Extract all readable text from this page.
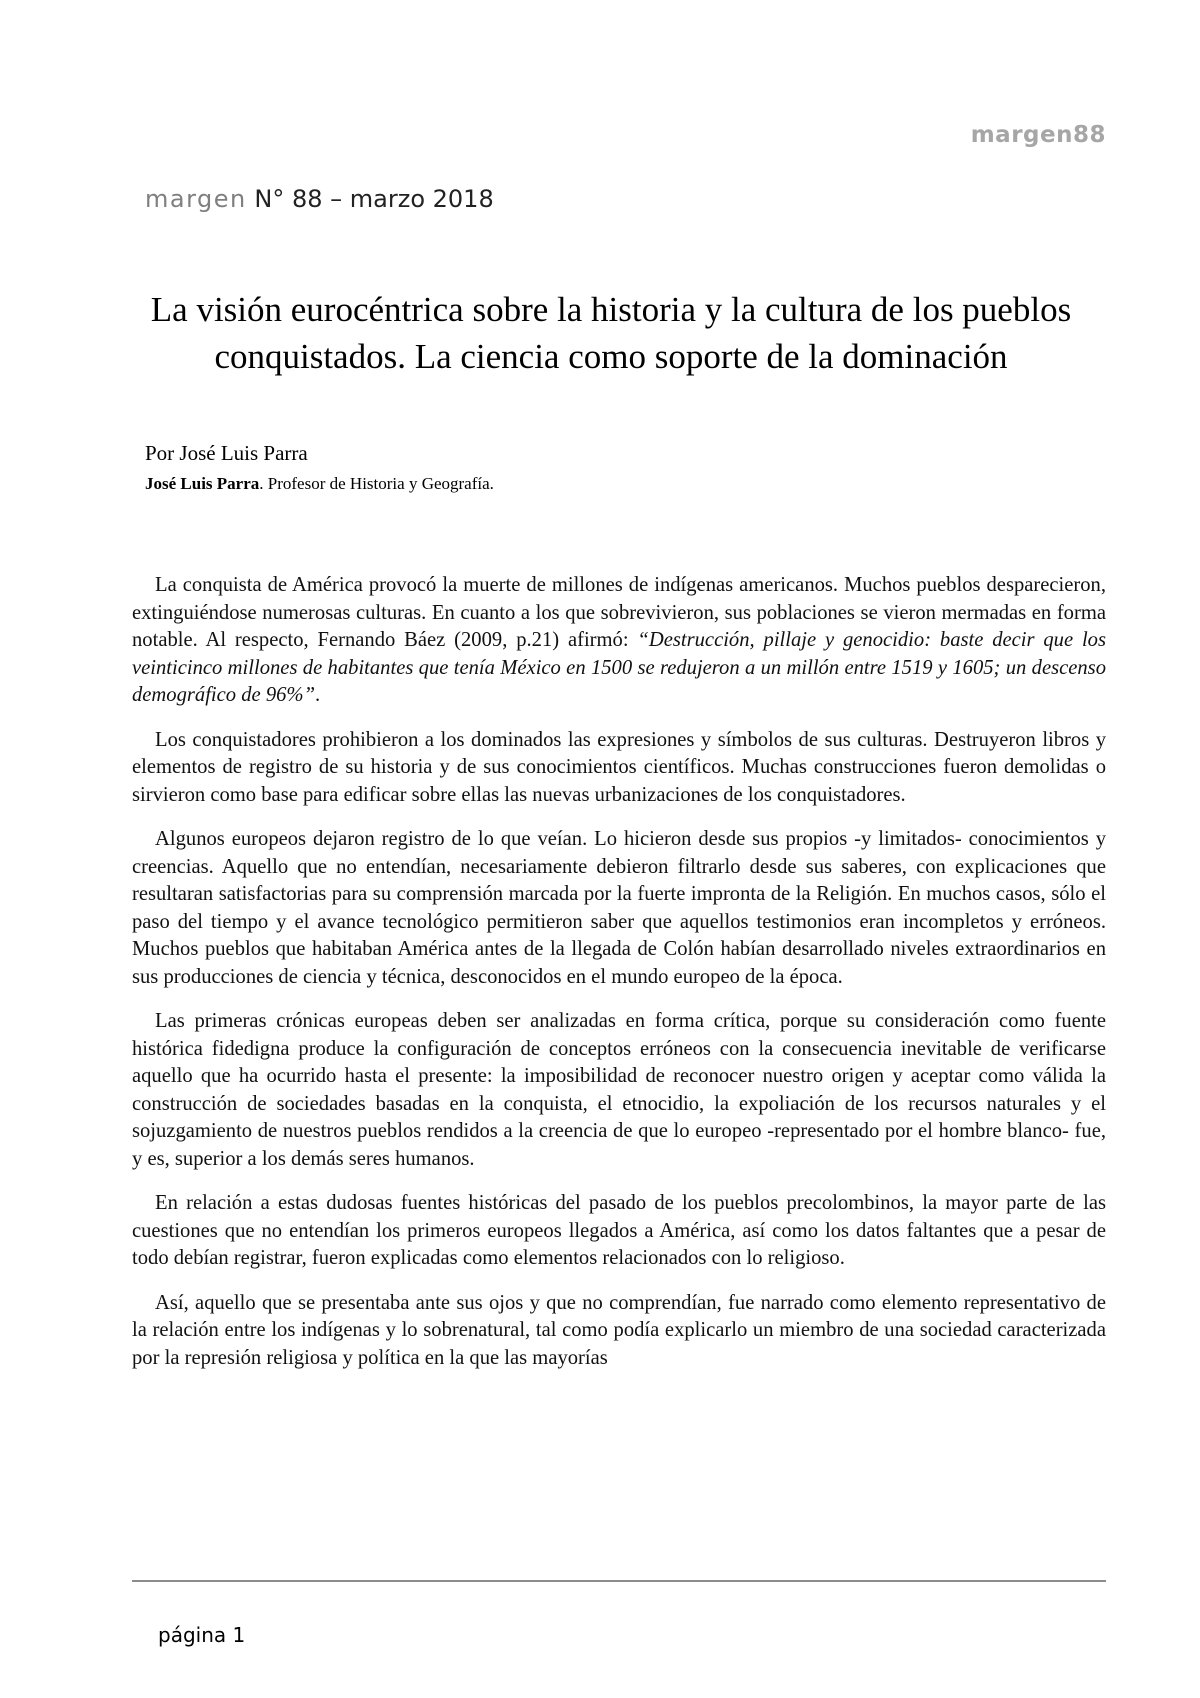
margen88
margen N° 88 – marzo 2018
La visión eurocéntrica sobre la historia y la cultura de los pueblos conquistados. La ciencia como soporte de la dominación
Por José Luis Parra
José Luis Parra. Profesor de Historia y Geografía.

La conquista de América provocó la muerte de millones de indígenas americanos. Muchos pueblos desparecieron, extinguiéndose numerosas culturas. En cuanto a los que sobrevivieron, sus poblaciones se vieron mermadas en forma notable. Al respecto, Fernando Báez (2009, p.21) afirmó: “Destrucción, pillaje y genocidio: baste decir que los veinticinco millones de habitantes que tenía México en 1500 se redujeron a un millón entre 1519 y 1605; un descenso demográfico de 96%”.

Los conquistadores prohibieron a los dominados las expresiones y símbolos de sus culturas. Destruyeron libros y elementos de registro de su historia y de sus conocimientos científicos. Muchas construcciones fueron demolidas o sirvieron como base para edificar sobre ellas las nuevas urbanizaciones de los conquistadores.

Algunos europeos dejaron registro de lo que veían. Lo hicieron desde sus propios -y limitados- conocimientos y creencias. Aquello que no entendían, necesariamente debieron filtrarlo desde sus saberes, con explicaciones que resultaran satisfactorias para su comprensión marcada por la fuerte impronta de la Religión. En muchos casos, sólo el paso del tiempo y el avance tecnológico permitieron saber que aquellos testimonios eran incompletos y erróneos. Muchos pueblos que habitaban América antes de la llegada de Colón habían desarrollado niveles extraordinarios en sus producciones de ciencia y técnica, desconocidos en el mundo europeo de la época.

Las primeras crónicas europeas deben ser analizadas en forma crítica, porque su consideración como fuente histórica fidedigna produce la configuración de conceptos erróneos con la consecuencia inevitable de verificarse aquello que ha ocurrido hasta el presente: la imposibilidad de reconocer nuestro origen y aceptar como válida la construcción de sociedades basadas en la conquista, el etnocidio, la expoliación de los recursos naturales y el sojuzgamiento de nuestros pueblos rendidos a la creencia de que lo europeo -representado por el hombre blanco- fue, y es, superior a los demás seres humanos.

En relación a estas dudosas fuentes históricas del pasado de los pueblos precolombinos, la mayor parte de las cuestiones que no entendían los primeros europeos llegados a América, así como los datos faltantes que a pesar de todo debían registrar, fueron explicadas como elementos relacionados con lo religioso.

Así, aquello que se presentaba ante sus ojos y que no comprendían, fue narrado como elemento representativo de la relación entre los indígenas y lo sobrenatural, tal como podía explicarlo un miembro de una sociedad caracterizada por la represión religiosa y política en la que las mayorías

página 1
